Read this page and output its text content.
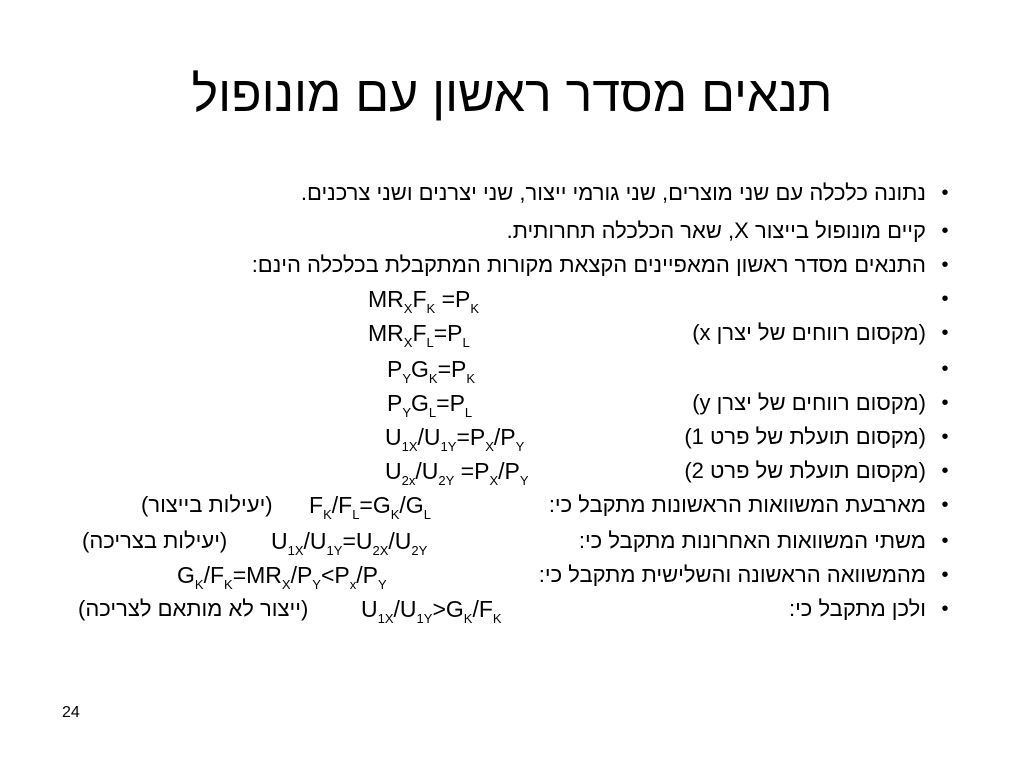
תנאים מסדר ראשון עם מונופול
•
נתונה כלכלה עם שני מוצרים, שני גורמי ייצור, שני יצרנים ושני צרכנים.
•
קיים מונופול בייצור X, שאר הכלכלה תחרותית.
•
התנאים מסדר ראשון המאפיינים הקצאת מקורות המתקבלת בכלכלה הינם:
•
$MR_XF_K =P_K$
•
(מקסום רווחים של יצרן x)
$MR_XF_L=P_L$
•
$P_YG_K=P_K$
•
(מקסום רווחים של יצרן y)
$P_YG_L=P_L$
•
(מקסום תועלת של פרט 1)
$U_{1X}/U_{1Y}=P_X/P_Y$
•
(מקסום תועלת של פרט 2)
$U_{2x}/U_{2Y} =P_X/P_Y$
•
מארבעת המשוואות הראשונות מתקבל כי:
$F_K/F_L=G_K/G_L$
(יעילות בייצור)
•
משתי המשוואות האחרונות מתקבל כי:
$U_{1X}/U_{1Y}=U_{2X}/U_{2Y}$
(יעילות בצריכה)
•
מהמשוואה הראשונה והשלישית מתקבל כי:
$G_K/F_K=MR_X/P_Y<P_x/P_Y$
•
ולכן מתקבל כי:
$U_{1X}/U_{1Y}>G_K/F_K$
(ייצור לא מותאם לצריכה)
24
